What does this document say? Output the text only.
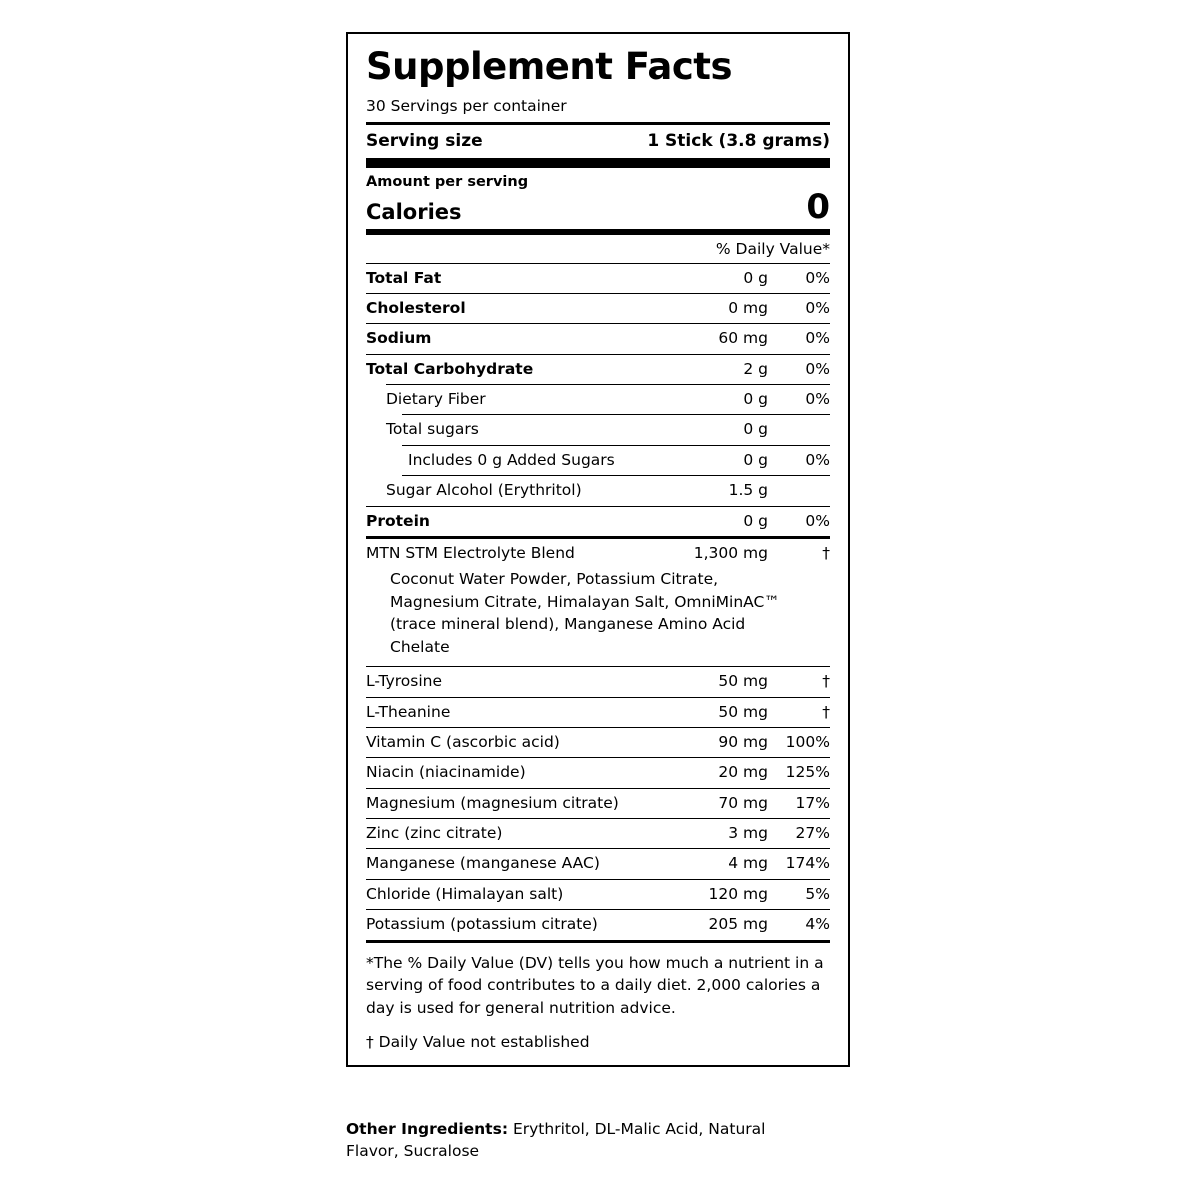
Supplement Facts
30 Servings per container
Serving size	1 Stick (3.8 grams)
Amount per serving
Calories	0
% Daily Value*
Total Fat	0 g	0%
Cholesterol	0 mg	0%
Sodium	60 mg	0%
Total Carbohydrate	2 g	0%
Dietary Fiber	0 g	0%
Total sugars	0 g
Includes 0 g Added Sugars	0 g	0%
Sugar Alcohol (Erythritol)	1.5 g
Protein	0 g	0%
MTN STM Electrolyte Blend	1,300 mg	†
Coconut Water Powder, Potassium Citrate, Magnesium Citrate, Himalayan Salt, OmniMinAC™ (trace mineral blend), Manganese Amino Acid Chelate
L-Tyrosine	50 mg	†
L-Theanine	50 mg	†
Vitamin C (ascorbic acid)	90 mg	100%
Niacin (niacinamide)	20 mg	125%
Magnesium (magnesium citrate)	70 mg	17%
Zinc (zinc citrate)	3 mg	27%
Manganese (manganese AAC)	4 mg	174%
Chloride (Himalayan salt)	120 mg	5%
Potassium (potassium citrate)	205 mg	4%
*The % Daily Value (DV) tells you how much a nutrient in a serving of food contributes to a daily diet. 2,000 calories a day is used for general nutrition advice.
† Daily Value not established
Other Ingredients: Erythritol, DL-Malic Acid, Natural Flavor, Sucralose
